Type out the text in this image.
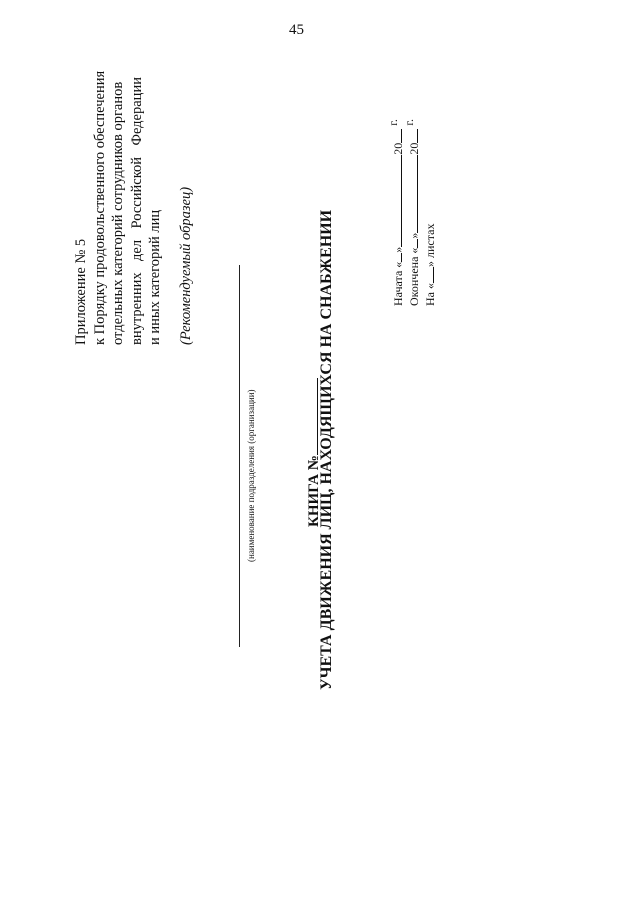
45
Приложение № 5 к Порядку продовольственного обеспечения отдельных категорий сотрудников органов внутренних
дел
Российской
Федерации
и иных категорий лиц (Рекомендуемый образец)
(наименование подразделения (организации)	КНИГА №
УЧЕТА ДВИЖЕНИЯ ЛИЦ, НАХОДЯЩИХСЯ НА СНАБЖЕНИИ	Начата «»20 г.
Окончена «»20 г.
На «» листах
